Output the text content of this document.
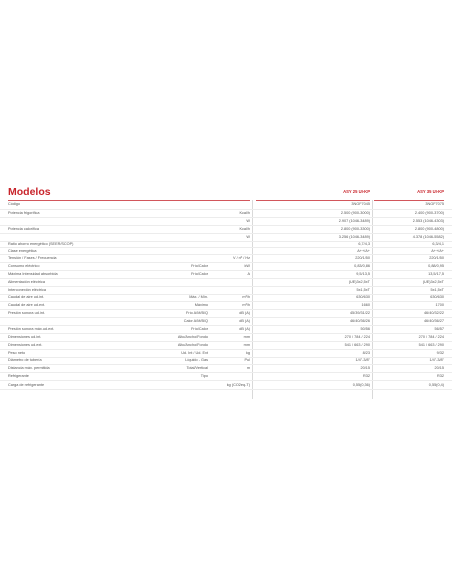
Modelos	ASY 25 UI-KP	ASY 35 UI-KP
Código	3NGF7045	3NGF7075
Potencia frigorífica	Kcal/h	2.500 (900-3000)	2.400 (900-3700)
W	2.907 (1046-3489)	2.553 (1046-4303)
Potencia calorífica	Kcal/h	2.800 (900-3300)	2.800 (900-4800)
W	3.256 (1046-3489)	4.378 (1046-5582)
Ratio ahorro energético (SEER/SCOP)	6,7/4,3	6,3/4,1
Clase energética	A++/A+	A++/A+
Tensión / Fases / Frecuencia	V / nº / Hz	220/1/50	220/1/50
Consumo eléctrico	Frío/Calor	kW	0,83/0,86	0,88/0,95
Máxima Intensidad absorbida	Frío/Calor	A	9,5/13,5	13,5/17,5
Alimentación eléctrica	(UE)3x2,5xT	(UE)3x2,5xT
Interconexión eléctrica	5x1,5xT	5x1,5xT
Caudal de aire ud.int.	Máx. / Mín.	m³/h	630/630	630/630
Caudal de aire ud.ext.	Máximo	m³/h	1660	1700
Presión sonora ud.int.	Frío A/M/B/Q	dB (A)	45/39/31/22	46/40/32/22
Calor A/M/B/Q	dB (A)	46/40/36/26	46/40/36/27
Presión sonora máx.ud.ext.	Frío/Calor	dB (A)	50/56	56/57
Dimensiones ud.int.	Alto/Ancho/Fondo	mm	270 / 784 / 224	270 / 784 / 224
Dimensiones ud.ext.	Alto/Ancho/Fondo	mm	541 / 663 / 290	541 / 663 / 290
Peso neto	Ud. Int / Ud. Ext	kg	8/23	9/32
Diámetro de tubería	Líquido - Gas	Pul	1/4"-3/8"	1/4"-3/8"
Distancia máx. permitida	Total/Vertical	m	20/15	20/15
Refrigerante	Tipo	R32	R32
Carga de refrigerante	kg (CO2eq-T)	0,55(0,36)	0,55(0,4)
